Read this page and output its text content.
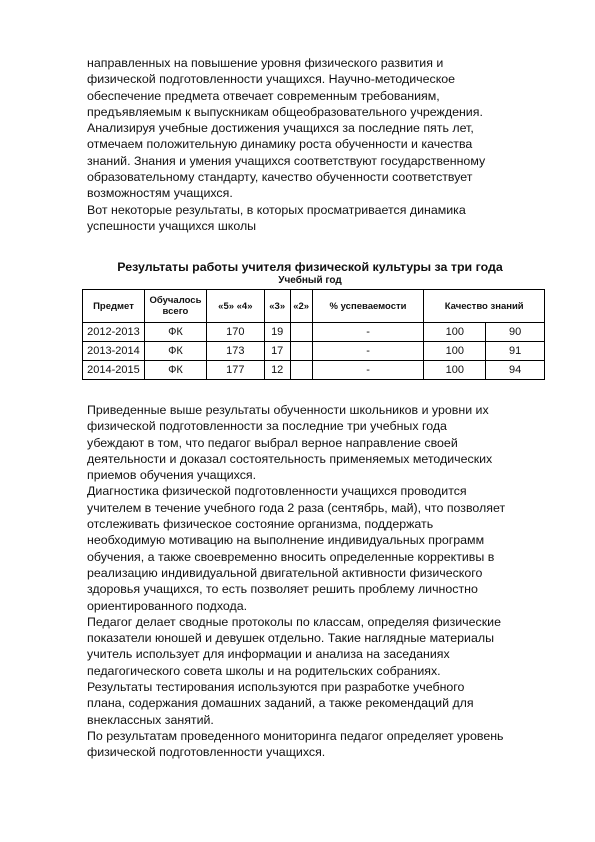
направленных на повышение уровня физического развития и
физической подготовленности учащихся. Научно-методическое
обеспечение предмета отвечает современным требованиям,
предъявляемым к выпускникам общеобразовательного учреждения.
Анализируя учебные достижения учащихся за последние пять лет,
отмечаем положительную динамику роста обученности и качества
знаний. Знания и умения учащихся соответствуют государственному
образовательному стандарту, качество обученности соответствует
возможностям учащихся.
Вот некоторые результаты, в которых просматривается динамика
успешности учащихся школы
Результаты работы учителя физической культуры за три года
Учебный год
Предмет	Обучалось всего	«5» «4»	«3»	«2»	% успеваемости	Качество знаний	
2012-2013	ФК	170	19		-	100	90
2013-2014	ФК	173	17		-	100	91
2014-2015	ФК	177	12		-	100	94
Приведенные выше результаты обученности школьников и уровни их
физической подготовленности за последние три учебных года
убеждают в том, что педагог выбрал верное направление своей
деятельности и доказал состоятельность применяемых методических
приемов обучения учащихся.
Диагностика физической подготовленности учащихся проводится
учителем в течение учебного года 2 раза (сентябрь, май), что позволяет
отслеживать физическое состояние организма, поддержать
необходимую мотивацию на выполнение индивидуальных программ
обучения, а также своевременно вносить определенные коррективы в
реализацию индивидуальной двигательной активности физического
здоровья учащихся, то есть позволяет решить проблему личностно
ориентированного подхода.
Педагог делает сводные протоколы по классам, определяя физические
показатели юношей и девушек отдельно. Такие наглядные материалы
учитель использует для информации и анализа на заседаниях
педагогического совета школы и на родительских собраниях.
Результаты тестирования используются при разработке учебного
плана, содержания домашних заданий, а также рекомендаций для
внеклассных занятий.
По результатам проведенного мониторинга педагог определяет уровень
физической подготовленности учащихся.
